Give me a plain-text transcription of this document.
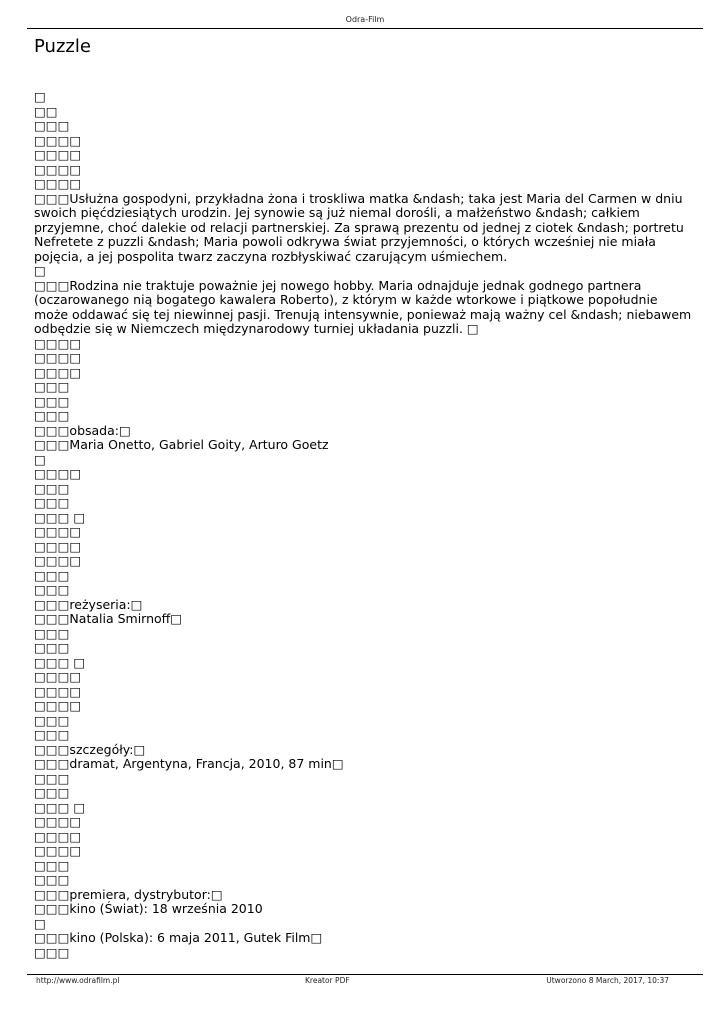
Odra-Film
Puzzle
□
□□
□□□
□□□□
□□□□
□□□□
□□□□
□□□Usłużna gospodyni, przykładna żona i troskliwa matka &ndash; taka jest Maria del Carmen w dniu swoich pięćdziesiątych urodzin. Jej synowie są już niemal dorośli, a małżeństwo &ndash; całkiem przyjemne, choć dalekie od relacji partnerskiej. Za sprawą prezentu od jednej z ciotek &ndash; portretu Nefretete z puzzli &ndash; Maria powoli odkrywa świat przyjemności, o których wcześniej nie miała pojęcia, a jej pospolita twarz zaczyna rozbłyskiwać czarującym uśmiechem.
□
□□□Rodzina nie traktuje poważnie jej nowego hobby. Maria odnajduje jednak godnego partnera (oczarowanego nią bogatego kawalera Roberto), z którym w każde wtorkowe i piątkowe popołudnie może oddawać się tej niewinnej pasji. Trenują intensywnie, ponieważ mają ważny cel &ndash; niebawem odbędzie się w Niemczech międzynarodowy turniej układania puzzli. □
□□□□
□□□□
□□□□
□□□
□□□
□□□
□□□obsada:□
□□□Maria Onetto, Gabriel Goity, Arturo Goetz
□
□□□□
□□□
□□□
□□□ □
□□□□
□□□□
□□□□
□□□
□□□
□□□reżyseria:□
□□□Natalia Smirnoff□
□□□
□□□
□□□ □
□□□□
□□□□
□□□□
□□□
□□□
□□□szczegóły:□
□□□dramat, Argentyna, Francja, 2010, 87 min□
□□□
□□□
□□□ □
□□□□
□□□□
□□□□
□□□
□□□
□□□premiera, dystrybutor:□
□□□kino (Świat): 18 września 2010
□
□□□kino (Polska): 6 maja 2011, Gutek Film□
□□□
http://www.odrafilm.pl	Kreator PDF	Utworzono 8 March, 2017, 10:37
